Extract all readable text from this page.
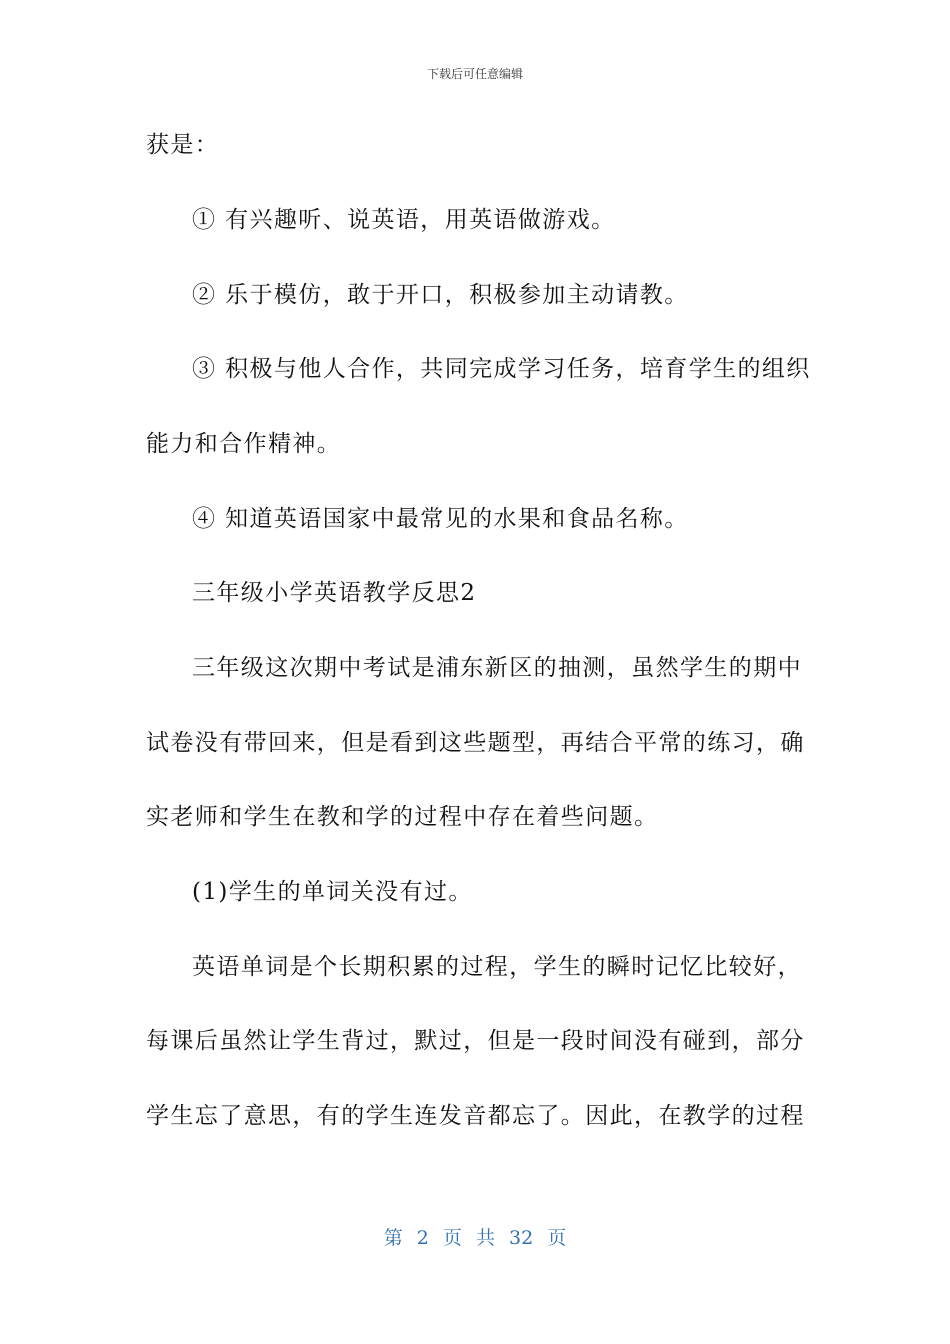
下载后可任意编辑
获是：
① 有兴趣听、说英语，用英语做游戏。
② 乐于模仿，敢于开口，积极参加主动请教。
③ 积极与他人合作，共同完成学习任务，培育学生的组织
能力和合作精神。
④ 知道英语国家中最常见的水果和食品名称。
三年级小学英语教学反思2
三年级这次期中考试是浦东新区的抽测，虽然学生的期中
试卷没有带回来，但是看到这些题型，再结合平常的练习，确
实老师和学生在教和学的过程中存在着些问题。
(1)学生的单词关没有过。
英语单词是个长期积累的过程，学生的瞬时记忆比较好，
每课后虽然让学生背过，默过，但是一段时间没有碰到，部分
学生忘了意思，有的学生连发音都忘了。因此，在教学的过程
第 2 页 共 32 页
